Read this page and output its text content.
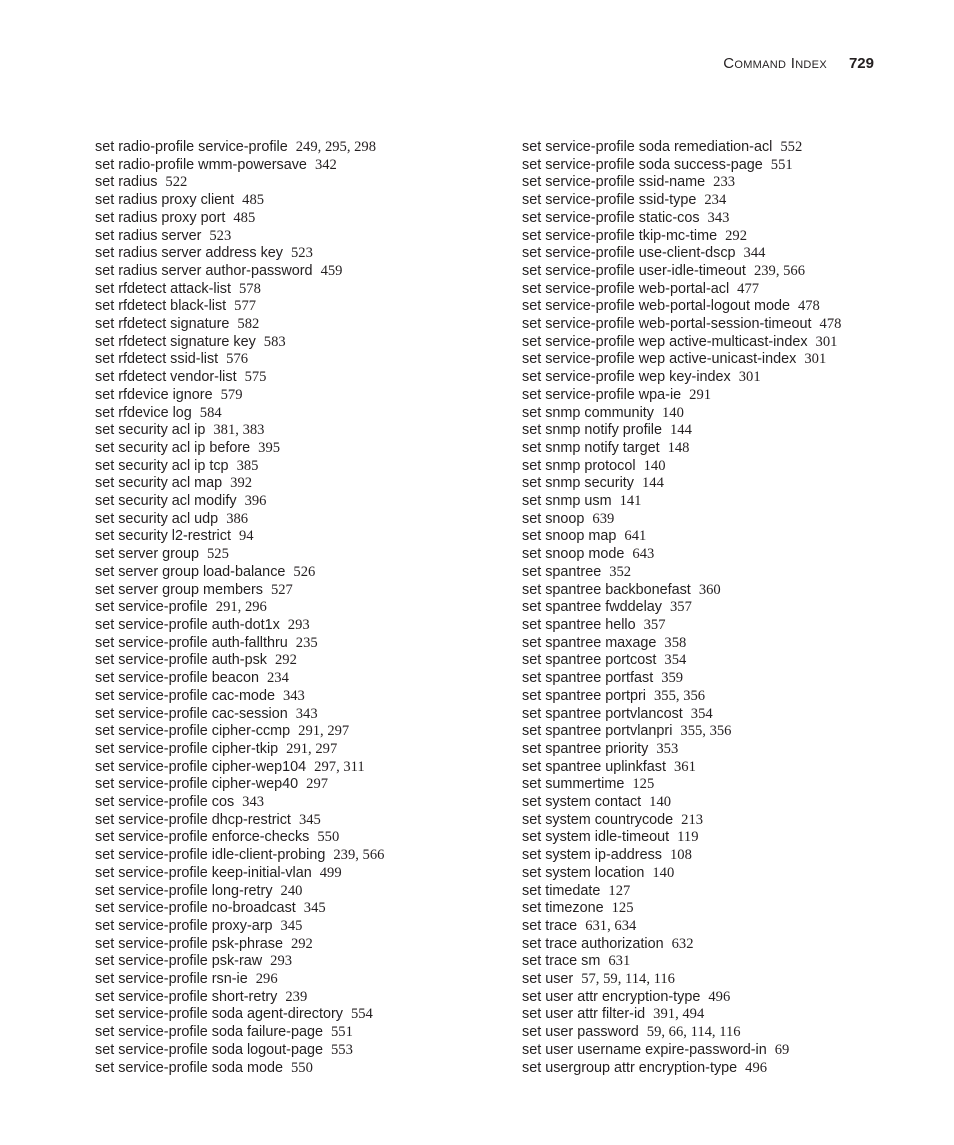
Command Index 729
set radio-profile service-profile 249, 295, 298
set radio-profile wmm-powersave 342
set radius 522
set radius proxy client 485
set radius proxy port 485
set radius server 523
set radius server address key 523
set radius server author-password 459
set rfdetect attack-list 578
set rfdetect black-list 577
set rfdetect signature 582
set rfdetect signature key 583
set rfdetect ssid-list 576
set rfdetect vendor-list 575
set rfdevice ignore 579
set rfdevice log 584
set security acl ip 381, 383
set security acl ip before 395
set security acl ip tcp 385
set security acl map 392
set security acl modify 396
set security acl udp 386
set security l2-restrict 94
set server group 525
set server group load-balance 526
set server group members 527
set service-profile 291, 296
set service-profile auth-dot1x 293
set service-profile auth-fallthru 235
set service-profile auth-psk 292
set service-profile beacon 234
set service-profile cac-mode 343
set service-profile cac-session 343
set service-profile cipher-ccmp 291, 297
set service-profile cipher-tkip 291, 297
set service-profile cipher-wep104 297, 311
set service-profile cipher-wep40 297
set service-profile cos 343
set service-profile dhcp-restrict 345
set service-profile enforce-checks 550
set service-profile idle-client-probing 239, 566
set service-profile keep-initial-vlan 499
set service-profile long-retry 240
set service-profile no-broadcast 345
set service-profile proxy-arp 345
set service-profile psk-phrase 292
set service-profile psk-raw 293
set service-profile rsn-ie 296
set service-profile short-retry 239
set service-profile soda agent-directory 554
set service-profile soda failure-page 551
set service-profile soda logout-page 553
set service-profile soda mode 550
set service-profile soda remediation-acl 552
set service-profile soda success-page 551
set service-profile ssid-name 233
set service-profile ssid-type 234
set service-profile static-cos 343
set service-profile tkip-mc-time 292
set service-profile use-client-dscp 344
set service-profile user-idle-timeout 239, 566
set service-profile web-portal-acl 477
set service-profile web-portal-logout mode 478
set service-profile web-portal-session-timeout 478
set service-profile wep active-multicast-index 301
set service-profile wep active-unicast-index 301
set service-profile wep key-index 301
set service-profile wpa-ie 291
set snmp community 140
set snmp notify profile 144
set snmp notify target 148
set snmp protocol 140
set snmp security 144
set snmp usm 141
set snoop 639
set snoop map 641
set snoop mode 643
set spantree 352
set spantree backbonefast 360
set spantree fwddelay 357
set spantree hello 357
set spantree maxage 358
set spantree portcost 354
set spantree portfast 359
set spantree portpri 355, 356
set spantree portvlancost 354
set spantree portvlanpri 355, 356
set spantree priority 353
set spantree uplinkfast 361
set summertime 125
set system contact 140
set system countrycode 213
set system idle-timeout 119
set system ip-address 108
set system location 140
set timedate 127
set timezone 125
set trace 631, 634
set trace authorization 632
set trace sm 631
set user 57, 59, 114, 116
set user attr encryption-type 496
set user attr filter-id 391, 494
set user password 59, 66, 114, 116
set user username expire-password-in 69
set usergroup attr encryption-type 496
